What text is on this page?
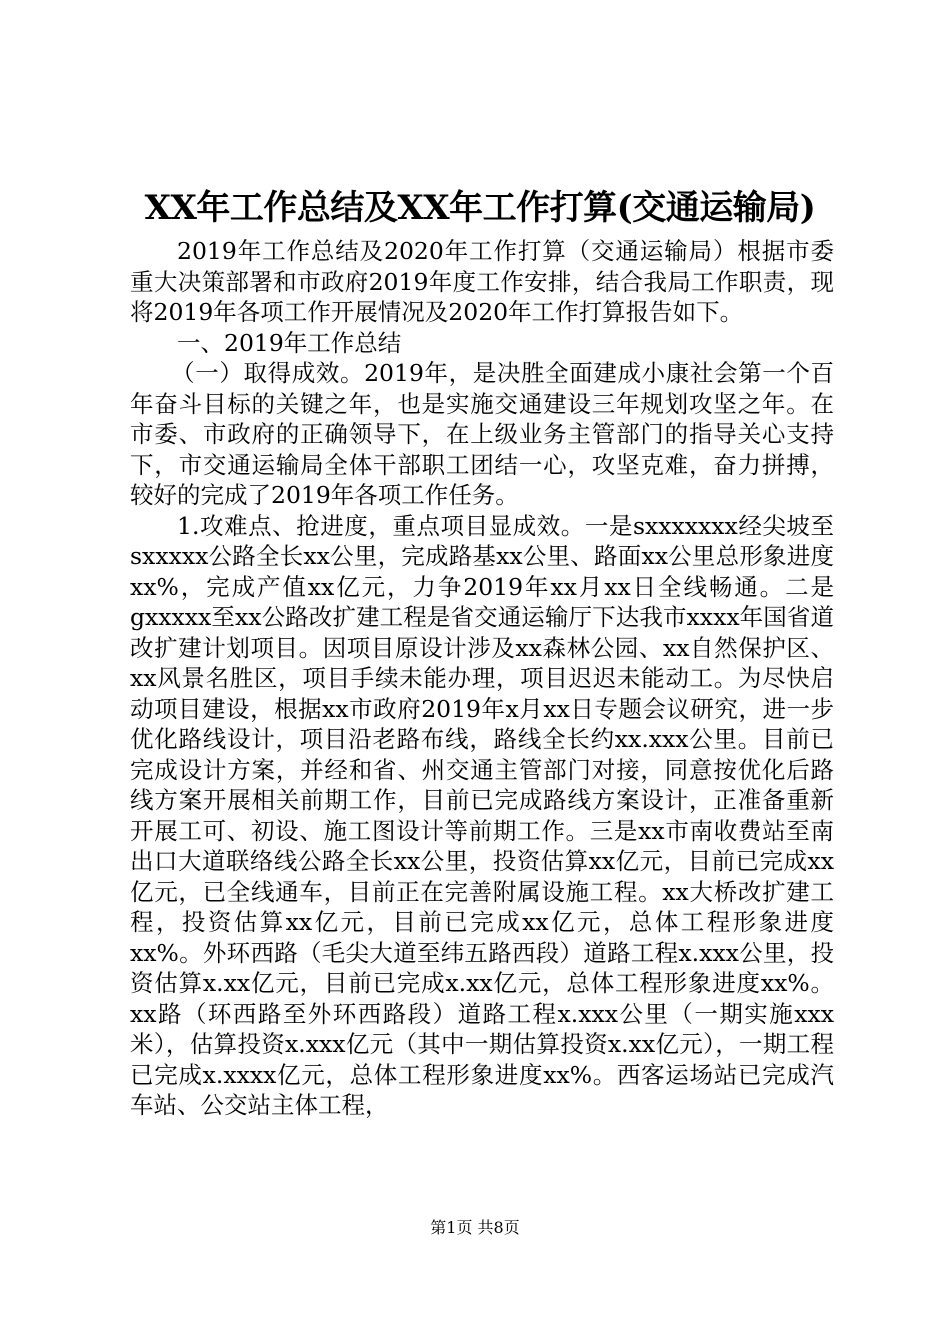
XX年工作总结及XX年工作打算(交通运输局)

2019年工作总结及2020年工作打算（交通运输局）根据市委重大决策部署和市政府2019年度工作安排，结合我局工作职责，现将2019年各项工作开展情况及2020年工作打算报告如下。

一、2019年工作总结

（一）取得成效。2019年，是决胜全面建成小康社会第一个百年奋斗目标的关键之年，也是实施交通建设三年规划攻坚之年。在市委、市政府的正确领导下，在上级业务主管部门的指导关心支持下，市交通运输局全体干部职工团结一心，攻坚克难，奋力拼搏，较好的完成了2019年各项工作任务。

1.攻难点、抢进度，重点项目显成效。一是sxxxxxxx经尖坡至sxxxxx公路全长xx公里，完成路基xx公里、路面xx公里总形象进度xx%，完成产值xx亿元，力争2019年xx月xx日全线畅通。二是gxxxxx至xx公路改扩建工程是省交通运输厅下达我市xxxx年国省道改扩建计划项目。因项目原设计涉及xx森林公园、xx自然保护区、xx风景名胜区，项目手续未能办理，项目迟迟未能动工。为尽快启动项目建设，根据xx市政府2019年x月xx日专题会议研究，进一步优化路线设计，项目沿老路布线，路线全长约xx.xxx公里。目前已完成设计方案，并经和省、州交通主管部门对接，同意按优化后路线方案开展相关前期工作，目前已完成路线方案设计，正准备重新开展工可、初设、施工图设计等前期工作。三是xx市南收费站至南出口大道联络线公路全长xx公里，投资估算xx亿元，目前已完成xx亿元，已全线通车，目前正在完善附属设施工程。xx大桥改扩建工程，投资估算xx亿元，目前已完成xx亿元，总体工程形象进度xx%。外环西路（毛尖大道至纬五路西段）道路工程x.xxx公里，投资估算x.xx亿元，目前已完成x.xx亿元，总体工程形象进度xx%。xx路（环西路至外环西路段）道路工程x.xxx公里（一期实施xxx米），估算投资x.xxx亿元（其中一期估算投资x.xx亿元），一期工程已完成x.xxxx亿元，总体工程形象进度xx%。西客运场站已完成汽车站、公交站主体工程，

第1页 共8页
